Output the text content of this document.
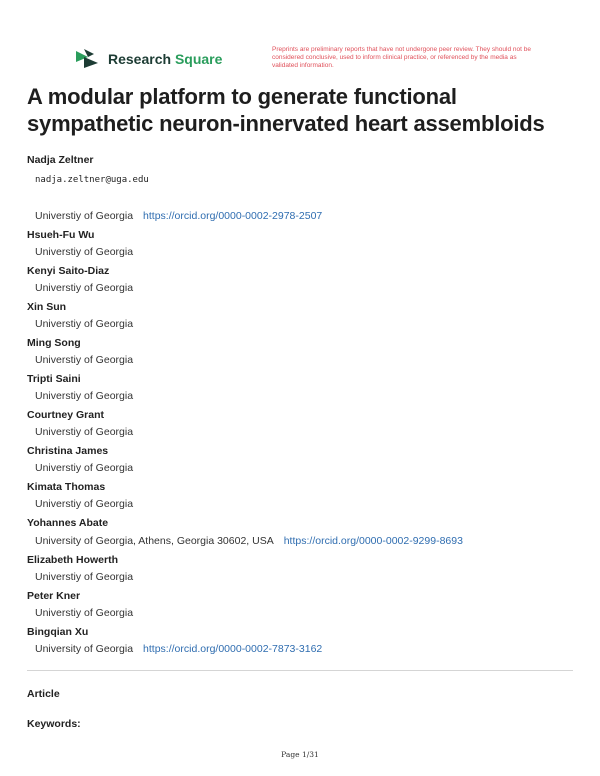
Research Square
Preprints are preliminary reports that have not undergone peer review. They should not be considered conclusive, used to inform clinical practice, or referenced by the media as validated information.
A modular platform to generate functional sympathetic neuron-innervated heart assembloids
Nadja Zeltner
nadja.zeltner@uga.edu
Universtiy of Georgia https://orcid.org/0000-0002-2978-2507
Hsueh-Fu Wu
Universtiy of Georgia
Kenyi Saito-Diaz
Universtiy of Georgia
Xin Sun
Universtiy of Georgia
Ming Song
Universtiy of Georgia
Tripti Saini
Universtiy of Georgia
Courtney Grant
Universtiy of Georgia
Christina James
Universtiy of Georgia
Kimata Thomas
Universtiy of Georgia
Yohannes Abate
University of Georgia, Athens, Georgia 30602, USA https://orcid.org/0000-0002-9299-8693
Elizabeth Howerth
Universtiy of Georgia
Peter Kner
Universtiy of Georgia
Bingqian Xu
University of Georgia https://orcid.org/0000-0002-7873-3162
Article
Keywords:
Page 1/31
